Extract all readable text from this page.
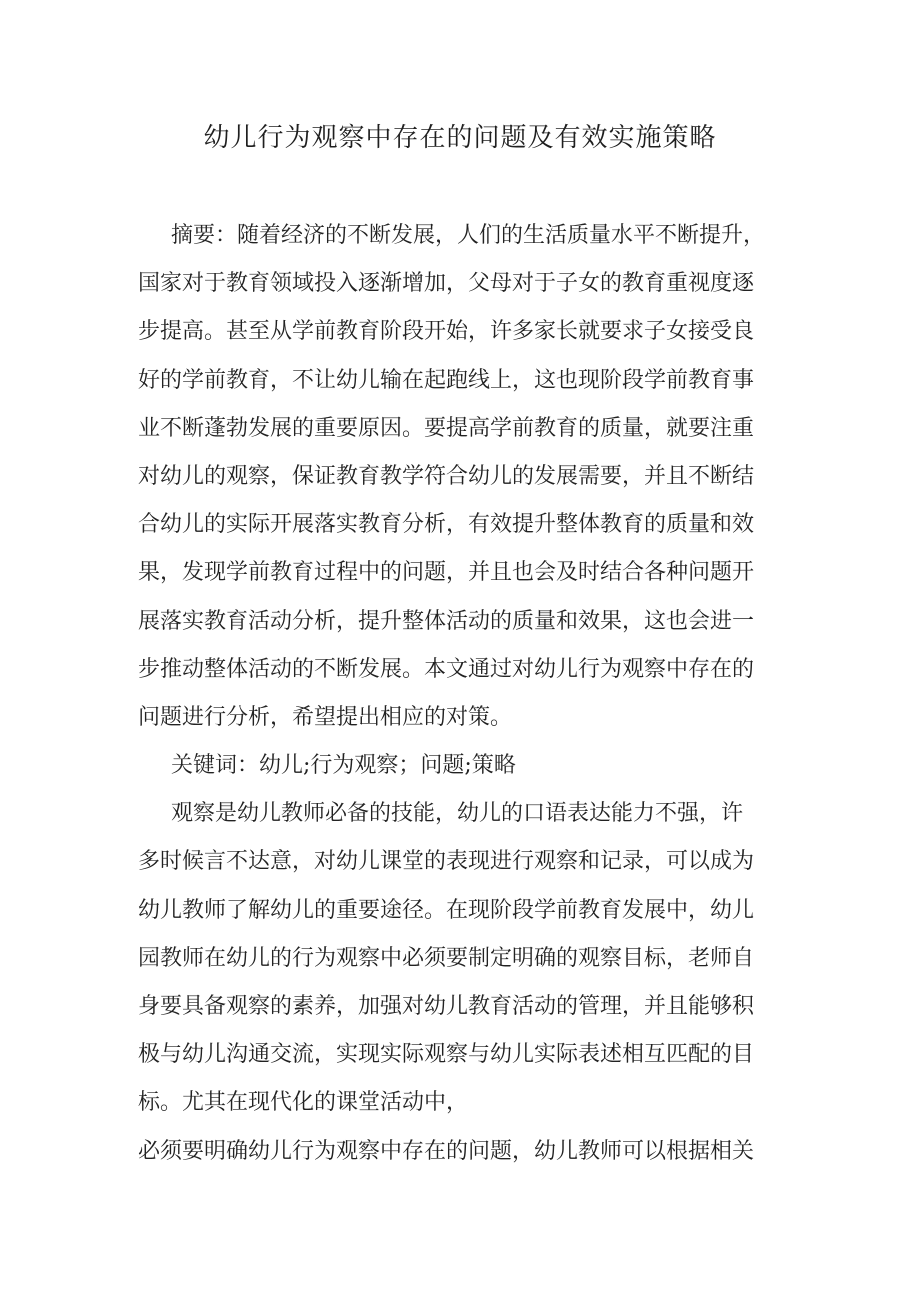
幼儿行为观察中存在的问题及有效实施策略
摘要：随着经济的不断发展，人们的生活质量水平不断提升，
国家对于教育领域投入逐渐增加，父母对于子女的教育重视度逐
步提高。甚至从学前教育阶段开始，许多家长就要求子女接受良
好的学前教育，不让幼儿输在起跑线上，这也现阶段学前教育事
业不断蓬勃发展的重要原因。要提高学前教育的质量，就要注重
对幼儿的观察，保证教育教学符合幼儿的发展需要，并且不断结
合幼儿的实际开展落实教育分析，有效提升整体教育的质量和效
果，发现学前教育过程中的问题，并且也会及时结合各种问题开
展落实教育活动分析，提升整体活动的质量和效果，这也会进一
步推动整体活动的不断发展。本文通过对幼儿行为观察中存在的
问题进行分析，希望提出相应的对策。
关键词：幼儿;行为观察；问题;策略
观察是幼儿教师必备的技能，幼儿的口语表达能力不强，许
多时候言不达意，对幼儿课堂的表现进行观察和记录，可以成为
幼儿教师了解幼儿的重要途径。在现阶段学前教育发展中，幼儿
园教师在幼儿的行为观察中必须要制定明确的观察目标，老师自
身要具备观察的素养，加强对幼儿教育活动的管理，并且能够积
极与幼儿沟通交流，实现实际观察与幼儿实际表述相互匹配的目
标。尤其在现代化的课堂活动中，
必须要明确幼儿行为观察中存在的问题，幼儿教师可以根据相关
